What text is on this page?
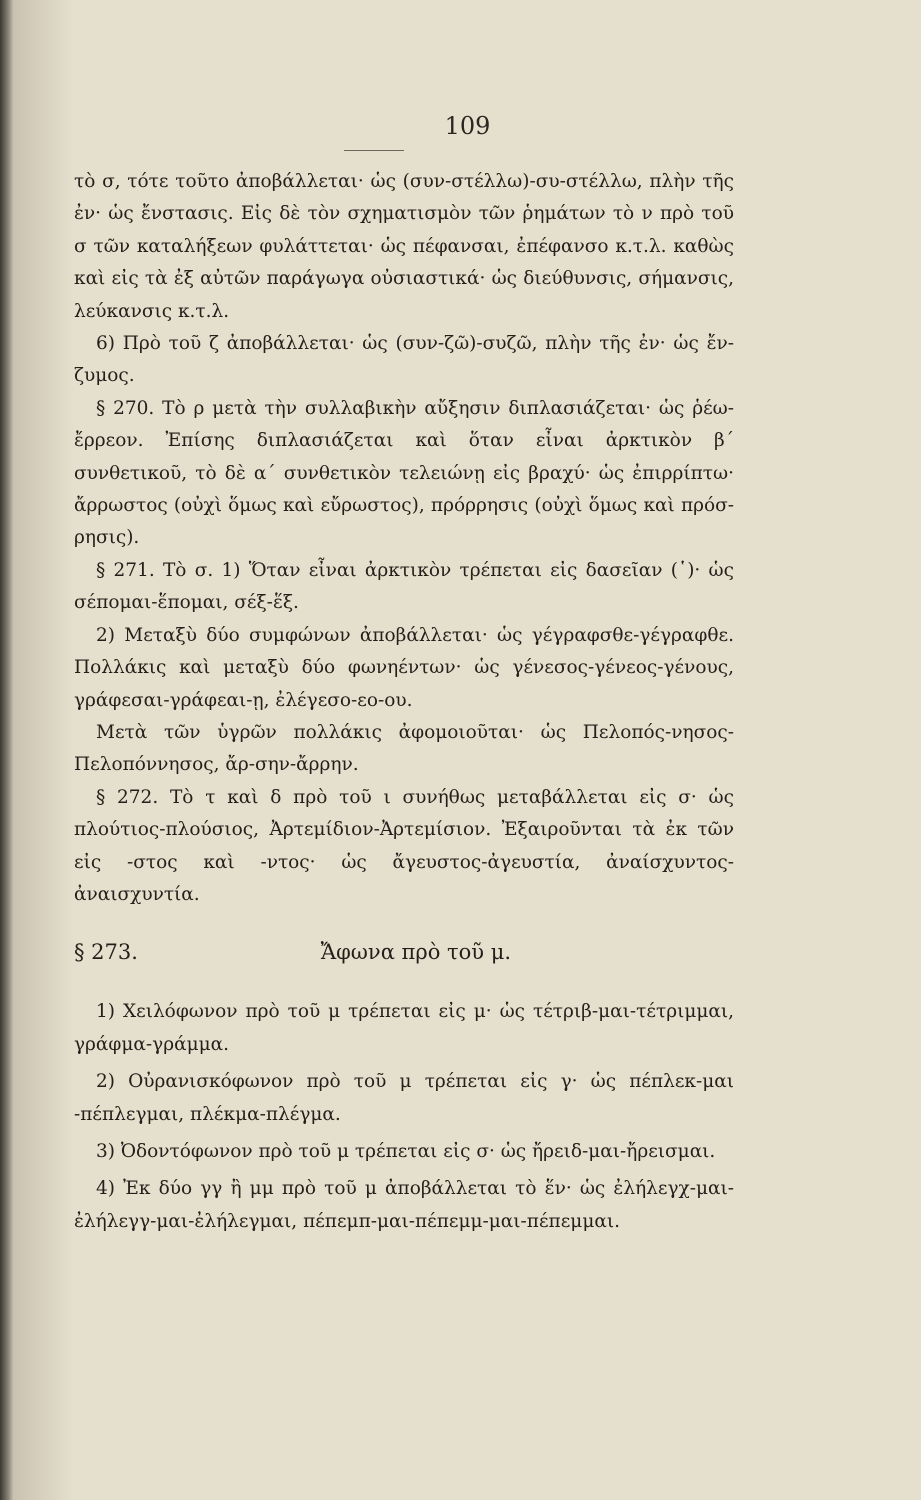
109

τὸ σ, τότε τοῦτο ἀποβάλλεται· ὡς (συν-στέλλω)-συ-στέλλω, πλὴν τῆς ἐν· ὡς ἔνστασις. Εἰς δὲ τὸν σχηματισμὸν τῶν ῥημάτων τὸ ν πρὸ τοῦ σ τῶν καταλήξεων φυλάττεται· ὡς πέφανσαι, ἐπέφανσο κ.τ.λ. καθὼς καὶ εἰς τὰ ἐξ αὐτῶν παράγωγα οὐσιαστικά· ὡς διεύθυνσις, σήμανσις, λεύκανσις κ.τ.λ.

6) Πρὸ τοῦ ζ ἀποβάλλεται· ὡς (συν-ζῶ)-συζῶ, πλὴν τῆς ἐν· ὡς ἔν-ζυμος.

§ 270. Τὸ ρ μετὰ τὴν συλλαβικὴν αὔξησιν διπλασιάζεται· ὡς ῥέω-ἔρρεον. Ἐπίσης διπλασιάζεται καὶ ὅταν εἶναι ἀρκτικὸν β΄ συνθετικοῦ, τὸ δὲ α΄ συνθετικὸν τελειώνῃ εἰς βραχύ· ὡς ἐπιρρίπτω· ἄρρωστος (οὐχὶ ὅμως καὶ εὔρωστος), πρόρρησις (οὐχὶ ὅμως καὶ πρόσ-ρησις).

§ 271. Τὸ σ. 1) Ὅταν εἶναι ἀρκτικὸν τρέπεται εἰς δασεῖαν (῾)· ὡς σέπομαι-ἕπομαι, σέξ-ἕξ.

2) Μεταξὺ δύο συμφώνων ἀποβάλλεται· ὡς γέγραφσθε-γέγραφθε. Πολλάκις καὶ μεταξὺ δύο φωνηέντων· ὡς γένεσος-γένεος-γένους, γράφεσαι-γράφεαι-ῃ, ἐλέγεσο-εο-ου.

Μετὰ τῶν ὑγρῶν πολλάκις ἀφομοιοῦται· ὡς Πελοπός-νησος-Πελοπόννησος, ἄρ-σην-ἄρρην.

§ 272. Τὸ τ καὶ δ πρὸ τοῦ ι συνήθως μεταβάλλεται εἰς σ· ὡς πλούτιος-πλούσιος, Ἀρτεμίδιον-Ἀρτεμίσιον. Ἐξαιροῦνται τὰ ἐκ τῶν εἰς -στος καὶ -ντος· ὡς ἄγευστος-ἀγευστία, ἀναίσχυντος-ἀναισχυντία.

§ 273.	Ἄφωνα πρὸ τοῦ μ.

1) Χειλόφωνον πρὸ τοῦ μ τρέπεται εἰς μ· ὡς τέτριβ-μαι-τέτριμμαι, γράφμα-γράμμα.

2) Οὐρανισκόφωνον πρὸ τοῦ μ τρέπεται εἰς γ· ὡς πέπλεκ-μαι -πέπλεγμαι, πλέκμα-πλέγμα.

3) Ὀδοντόφωνον πρὸ τοῦ μ τρέπεται εἰς σ· ὡς ἤρειδ-μαι-ἤρεισμαι.

4) Ἐκ δύο γγ ἢ μμ πρὸ τοῦ μ ἀποβάλλεται τὸ ἕν· ὡς ἐλήλεγχ-μαι-ἐλήλεγγ-μαι-ἐλήλεγμαι, πέπεμπ-μαι-πέπεμμ-μαι-πέπεμμαι.
